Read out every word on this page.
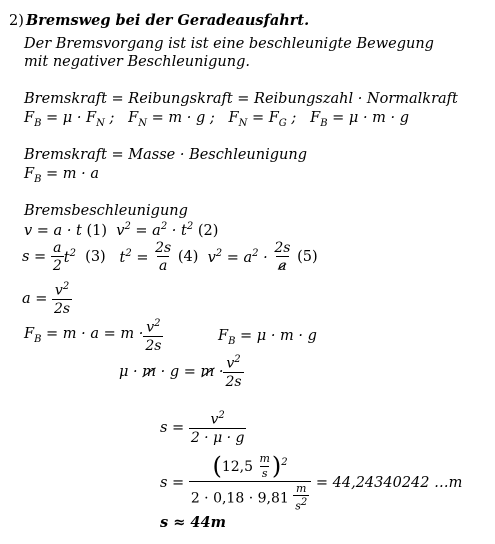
2) Bremsweg bei der Geradeausfahrt.
Der Bremsvorgang ist ist eine beschleunigte Bewegung
mit negativer Beschleunigung.
Bremskraft = Reibungskraft = Reibungszahl · Normalkraft
$F_B = \mu \cdot F_N$ ;   $F_N = m \cdot g$ ;   $F_N = F_G$ ;   $F_B = \mu \cdot m \cdot g$
Bremskraft = Masse · Beschleunigung
$F_B = m \cdot a$
Bremsbeschleunigung
v = a · t (1)  $v^2 = a^2 \cdot t^2$ (2)
$s = \frac{a}{2} t^2$ (3) $t^2 = \frac{2s}{a}$
(4) $v^2 = a^2 \cdot \frac{2s}{a}$
(5)
$a = \frac{v^2}{2s}$
$F_B = m \cdot a = m \cdot \frac{v^2}{2s}$	$F_B = \mu \cdot m \cdot g$
$\mu \cdot m \cdot g = m \cdot \frac{v^2}{2s}$
$s = \frac{v^2}{2 \cdot \mu \cdot g}$
$s = \frac{(12,5 \frac{m}{s} )^2}{2 \cdot 0,18 \cdot 9,81 \frac{m}{s^2}}$
= 44,24340242 …m
s ≈ 44m
